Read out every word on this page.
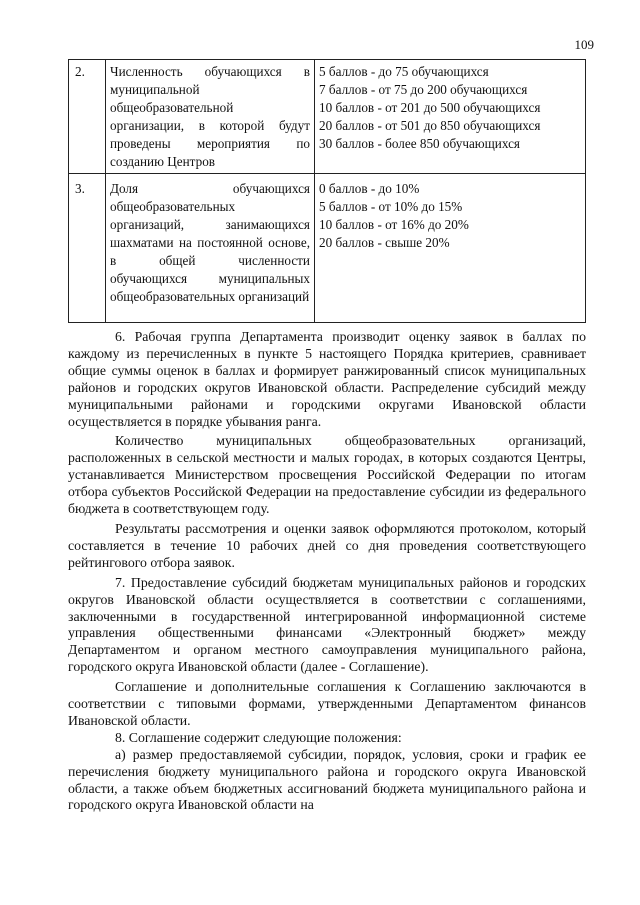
109
2.	Численность обучающихся в муниципальной общеобразовательной организации, в которой будут проведены мероприятия по созданию Центров	5 баллов - до 75 обучающихся
7 баллов - от 75 до 200 обучающихся
10 баллов - от 201 до 500 обучающихся
20 баллов - от 501 до 850 обучающихся
30 баллов - более 850 обучающихся

3.	Доля обучающихся общеобразовательных организаций, занимающихся шахматами на постоянной основе, в общей численности обучающихся муниципальных общеобразовательных организаций	0 баллов - до 10%
5 баллов - от 10% до 15%
10 баллов - от 16% до 20%
20 баллов - свыше 20%

6. Рабочая группа Департамента производит оценку заявок в баллах по каждому из перечисленных в пункте 5 настоящего Порядка критериев, сравнивает общие суммы оценок в баллах и формирует ранжированный список муниципальных районов и городских округов Ивановской области. Распределение субсидий между муниципальными районами и городскими округами Ивановской области осуществляется в порядке убывания ранга.

Количество муниципальных общеобразовательных организаций, расположенных в сельской местности и малых городах, в которых создаются Центры, устанавливается Министерством просвещения Российской Федерации по итогам отбора субъектов Российской Федерации на предоставление субсидии из федерального бюджета в соответствующем году.

Результаты рассмотрения и оценки заявок оформляются протоколом, который составляется в течение 10 рабочих дней со дня проведения соответствующего рейтингового отбора заявок.

7. Предоставление субсидий бюджетам муниципальных районов и городских округов Ивановской области осуществляется в соответствии с соглашениями, заключенными в государственной интегрированной информационной системе управления общественными финансами «Электронный бюджет» между Департаментом и органом местного самоуправления муниципального района, городского округа Ивановской области (далее - Соглашение).

Соглашение и дополнительные соглашения к Соглашению заключаются в соответствии с типовыми формами, утвержденными Департаментом финансов Ивановской области.

8. Соглашение содержит следующие положения:

а) размер предоставляемой субсидии, порядок, условия, сроки и график ее перечисления бюджету муниципального района и городского округа Ивановской области, а также объем бюджетных ассигнований бюджета муниципального района и городского округа Ивановской области на
